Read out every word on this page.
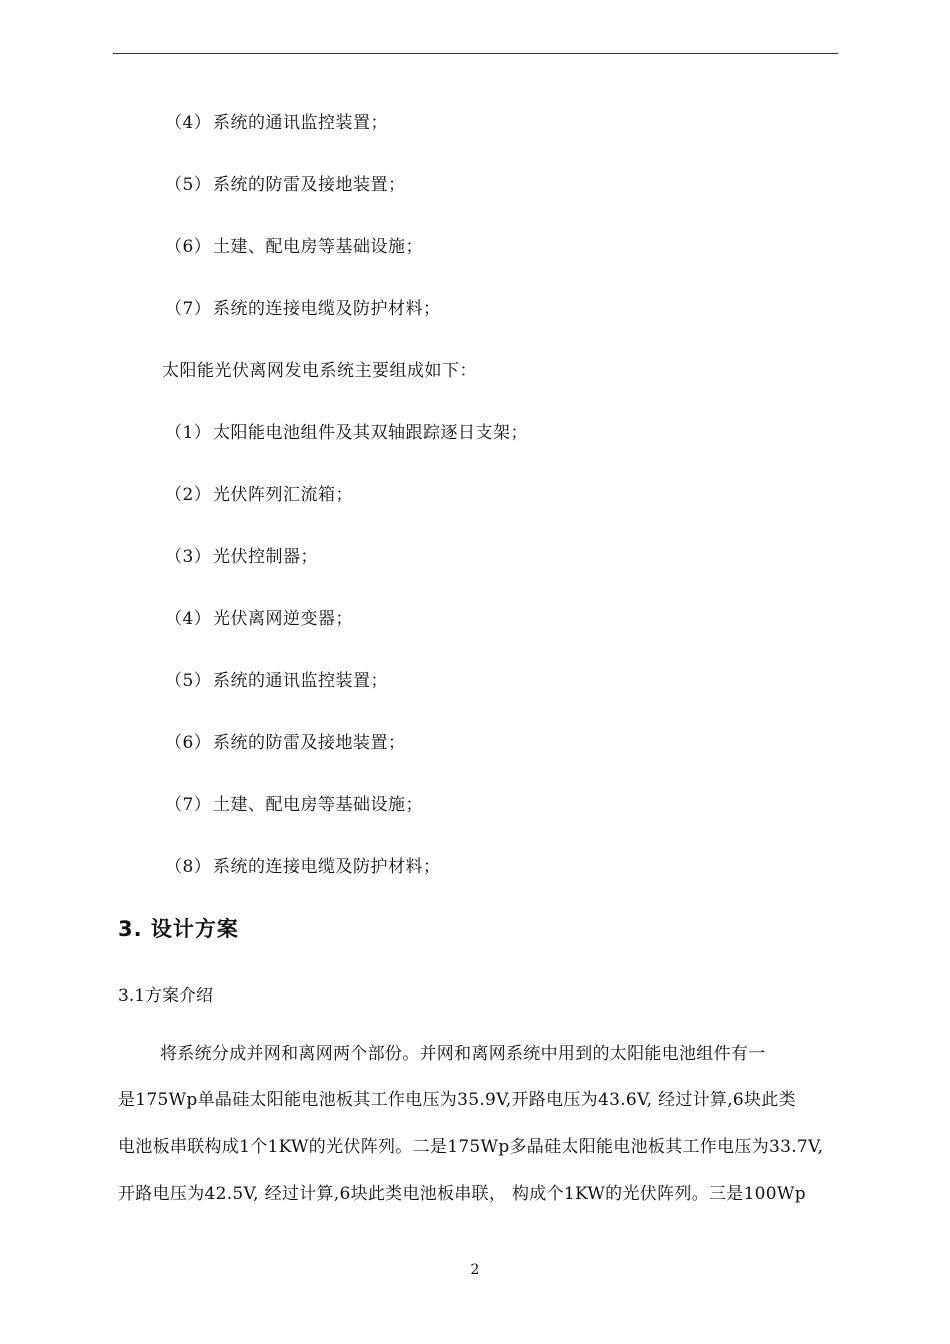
（4）系统的通讯监控装置；
（5）系统的防雷及接地装置；
（6）土建、配电房等基础设施；
（7）系统的连接电缆及防护材料；
太阳能光伏离网发电系统主要组成如下：
（1）太阳能电池组件及其双轴跟踪逐日支架；
（2）光伏阵列汇流箱；
（3）光伏控制器；
（4）光伏离网逆变器；
（5）系统的通讯监控装置；
（6）系统的防雷及接地装置；
（7）土建、配电房等基础设施；
（8）系统的连接电缆及防护材料；
3. 设计方案
3.1方案介绍
将系统分成并网和离网两个部份。并网和离网系统中用到的太阳能电池组件有一
是175Wp单晶硅太阳能电池板其工作电压为35.9V,开路电压为43.6V, 经过计算,6块此类
电池板串联构成1个1KW的光伏阵列。二是175Wp多晶硅太阳能电池板其工作电压为33.7V,
开路电压为42.5V, 经过计算,6块此类电池板串联， 构成个1KW的光伏阵列。三是100Wp
2
